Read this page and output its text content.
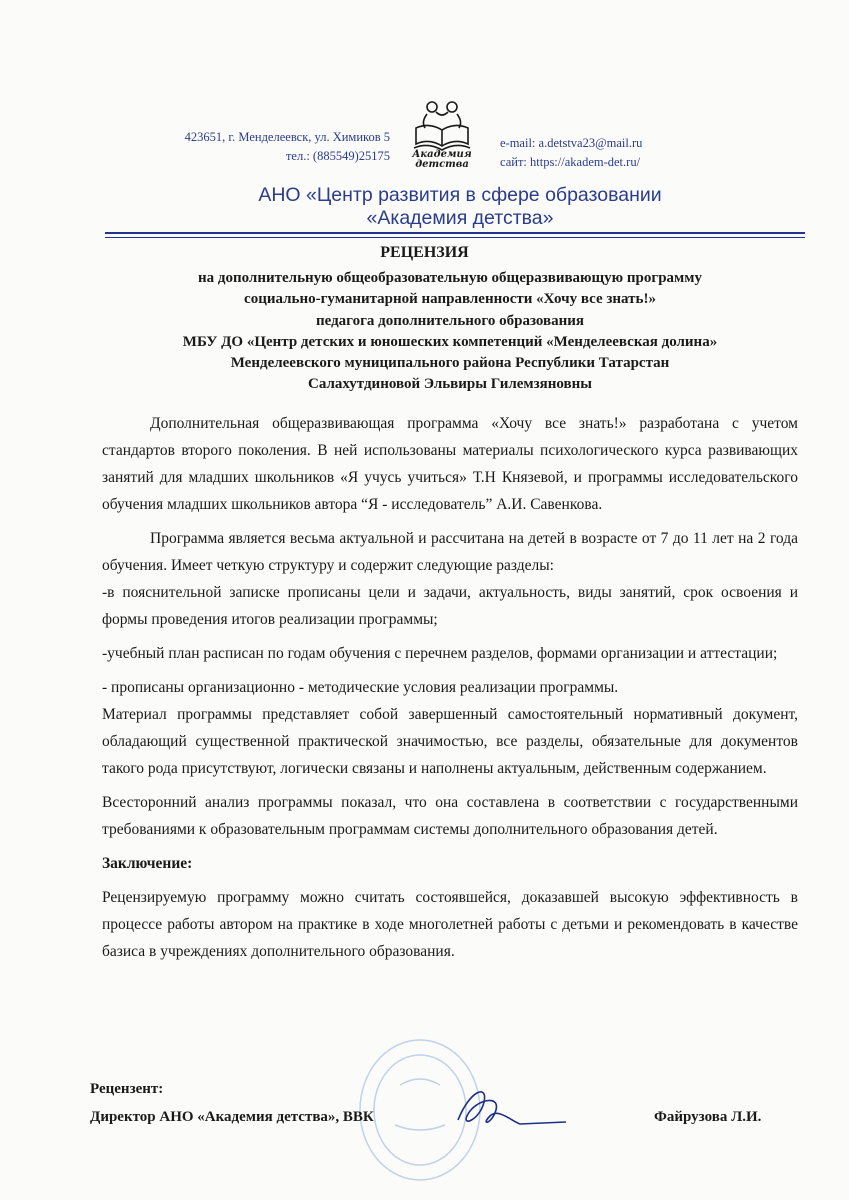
423651, г. Менделеевск, ул. Химиков 5
тел.: (885549)25175	Академия
детства
e-mail: a.detstva23@mail.ru
сайт: https://akadem-det.ru/
АНО «Центр развития в сфере образовании
«Академия детства»
РЕЦЕНЗИЯ
на дополнительную общеобразовательную общеразвивающую программу
социально-гуманитарной направленности «Хочу все знать!»
педагога дополнительного образования
МБУ ДО «Центр детских и юношеских компетенций «Менделеевская долина»
Менделеевского муниципального района Республики Татарстан
Салахутдиновой Эльвиры Гилемзяновны

Дополнительная общеразвивающая программа «Хочу все знать!» разработана с учетом стандартов второго поколения. В ней использованы материалы психологического курса развивающих занятий для младших школьников «Я учусь учиться» Т.Н Князевой, и программы исследовательского обучения младших школьников автора “Я - исследователь” А.И. Савенкова.

Программа является весьма актуальной и рассчитана на детей в возрасте от 7 до 11 лет на 2 года обучения. Имеет четкую структуру и содержит следующие разделы:

-в пояснительной записке прописаны цели и задачи, актуальность, виды занятий, срок освоения и формы проведения итогов реализации программы;

-учебный план расписан по годам обучения с перечнем разделов, формами организации и аттестации;

- прописаны организационно - методические условия реализации программы.

Материал программы представляет собой завершенный самостоятельный нормативный документ, обладающий существенной практической значимостью, все разделы, обязательные для документов такого рода присутствуют, логически связаны и наполнены актуальным, действенным содержанием.

Всесторонний анализ программы показал, что она составлена в соответствии с государственными требованиями к образовательным программам системы дополнительного образования детей.

Заключение:

Рецензируемую программу можно считать состоявшейся, доказавшей высокую эффективность в процессе работы автором на практике в ходе многолетней работы с детьми и рекомендовать в качестве базиса в учреждениях дополнительного образования.

Рецензент:
Директор АНО «Академия детства», ВВК	Файрузова Л.И.
